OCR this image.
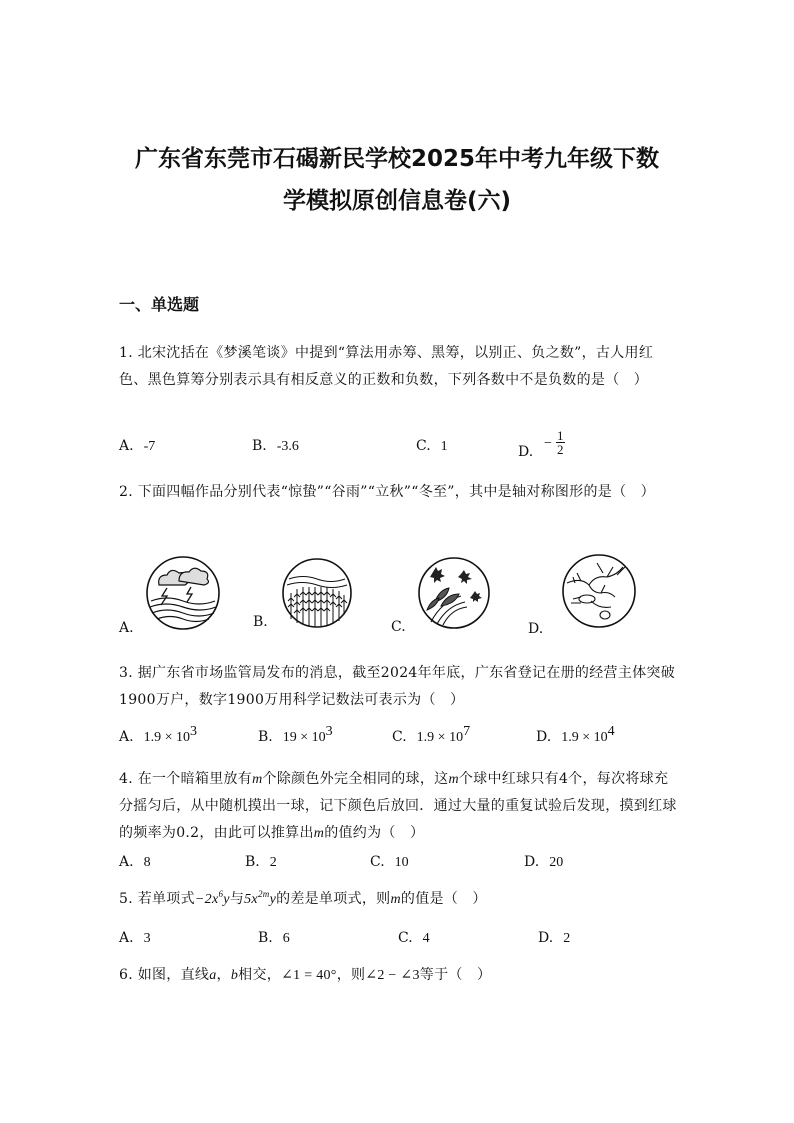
广东省东莞市石碣新民学校2025年中考九年级下数
学模拟原创信息卷(六)
一、单选题
1. 北宋沈括在《梦溪笔谈》中提到“算法用赤筹、黑筹，以别正、负之数”，古人用红色、黑色算筹分别表示具有相反意义的正数和负数，下列各数中不是负数的是（　）
A. -7	B. -3.6	C. 1	D.
− $\frac{1}{2}$
2. 下面四幅作品分别代表“惊蛰”“谷雨”“立秋”“冬至”，其中是轴对称图形的是（　）
A.	B.	C.	D.
3. 据广东省市场监管局发布的消息，截至2024年年底，广东省登记在册的经营主体突破1900万户，数字1900万用科学记数法可表示为（　）
A. $1.9 \times 10^3$	B. $19 \times 10^3$	C. $1.9 \times 10^7$	D. $1.9 \times 10^4$
4. 在一个暗箱里放有m个除颜色外完全相同的球，这m个球中红球只有4个，每次将球充分摇匀后，从中随机摸出一球，记下颜色后放回．通过大量的重复试验后发现，摸到红球的频率为0.2，由此可以推算出m的值约为（　）
A. 8	B. 2	C. 10	D. 20
5. 若单项式$-2x^6y$与$5x^{2m}y$的差是单项式，则m的值是（　）
A. 3	B. 6	C. 4	D. 2
6. 如图，直线a，b相交，∠1 = 40°，则∠2 − ∠3等于（　）
